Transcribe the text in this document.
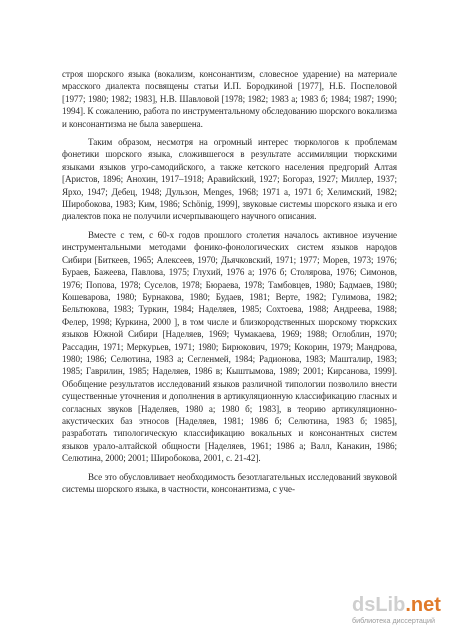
строя шорского языка (вокализм, консонантизм, словесное ударение) на материале мрасского диалекта посвящены статьи И.П. Бородкиной [1977], Н.Б. Поспеловой [1977; 1980; 1982; 1983], Н.В. Шавловой [1978; 1982; 1983 а; 1983 б; 1984; 1987; 1990; 1994]. К сожалению, работа по инструментальному обследованию шорского вокализма и консонантизма не была завершена.

Таким образом, несмотря на огромный интерес тюркологов к проблемам фонетики шорского языка, сложившегося в результате ассимиляции тюркскими языками языков угро-самодийского, а также кетского населения предгорий Алтая [Аристов, 1896; Анохин, 1917–1918; Аравийский, 1927; Богораз, 1927; Миллер, 1937; Ярхо, 1947; Дебец, 1948; Дульзон, Menges, 1968; 1971 а, 1971 б; Хелимский, 1982; Широбокова, 1983; Ким, 1986; Schönig, 1999], звуковые системы шорского языка и его диалектов пока не получили исчерпывающего научного описания.

Вместе с тем, с 60-х годов прошлого столетия началось активное изучение инструментальными методами фонико-фонологических систем языков народов Сибири [Биткеев, 1965; Алексеев, 1970; Дьячковский, 1971; 1977; Морев, 1973; 1976; Бураев, Бажеева, Павлова, 1975; Глухий, 1976 а; 1976 б; Столярова, 1976; Симонов, 1976; Попова, 1978; Суселов, 1978; Бюраева, 1978; Тамбовцев, 1980; Бадмаев, 1980; Кошеварова, 1980; Бурнакова, 1980; Будаев, 1981; Верте, 1982; Гулимова, 1982; Бельтюкова, 1983; Туркин, 1984; Наделяев, 1985; Сохтоева, 1988; Андреева, 1988; Фелер, 1998; Куркина, 2000 ], в том числе и близкородственных шорскому тюркских языков Южной Сибири [Наделяев, 1969; Чумакаева, 1969; 1988; Оглоблин, 1970; Рассадин, 1971; Меркурьев, 1971; 1980; Бирюкович, 1979; Кокорин, 1979; Мандрова, 1980; 1986; Селютина, 1983 а; Сегленмей, 1984; Радионова, 1983; Машталир, 1983; 1985; Гаврилин, 1985; Наделяев, 1986 в; Кыштымова, 1989; 2001; Кирсанова, 1999]. Обобщение результатов исследований языков различной типологии позволило внести существенные уточнения и дополнения в артикуляционную классификацию гласных и согласных звуков [Наделяев, 1980 а; 1980 б; 1983], в теорию артикуляционно-акустических баз этносов [Наделяев, 1981; 1986 б; Селютина, 1983 б; 1985], разработать типологическую классификацию вокальных и консонантных систем языков урало-алтайской общности [Наделяев, 1961; 1986 а; Валл, Канакин, 1986; Селютина, 2000; 2001; Широбокова, 2001, с. 21-42].

Все это обусловливает необходимость безотлагательных исследований звуковой системы шорского языка, в частности, консонантизма, с уче-

dsLib.net
библиотека диссертаций
